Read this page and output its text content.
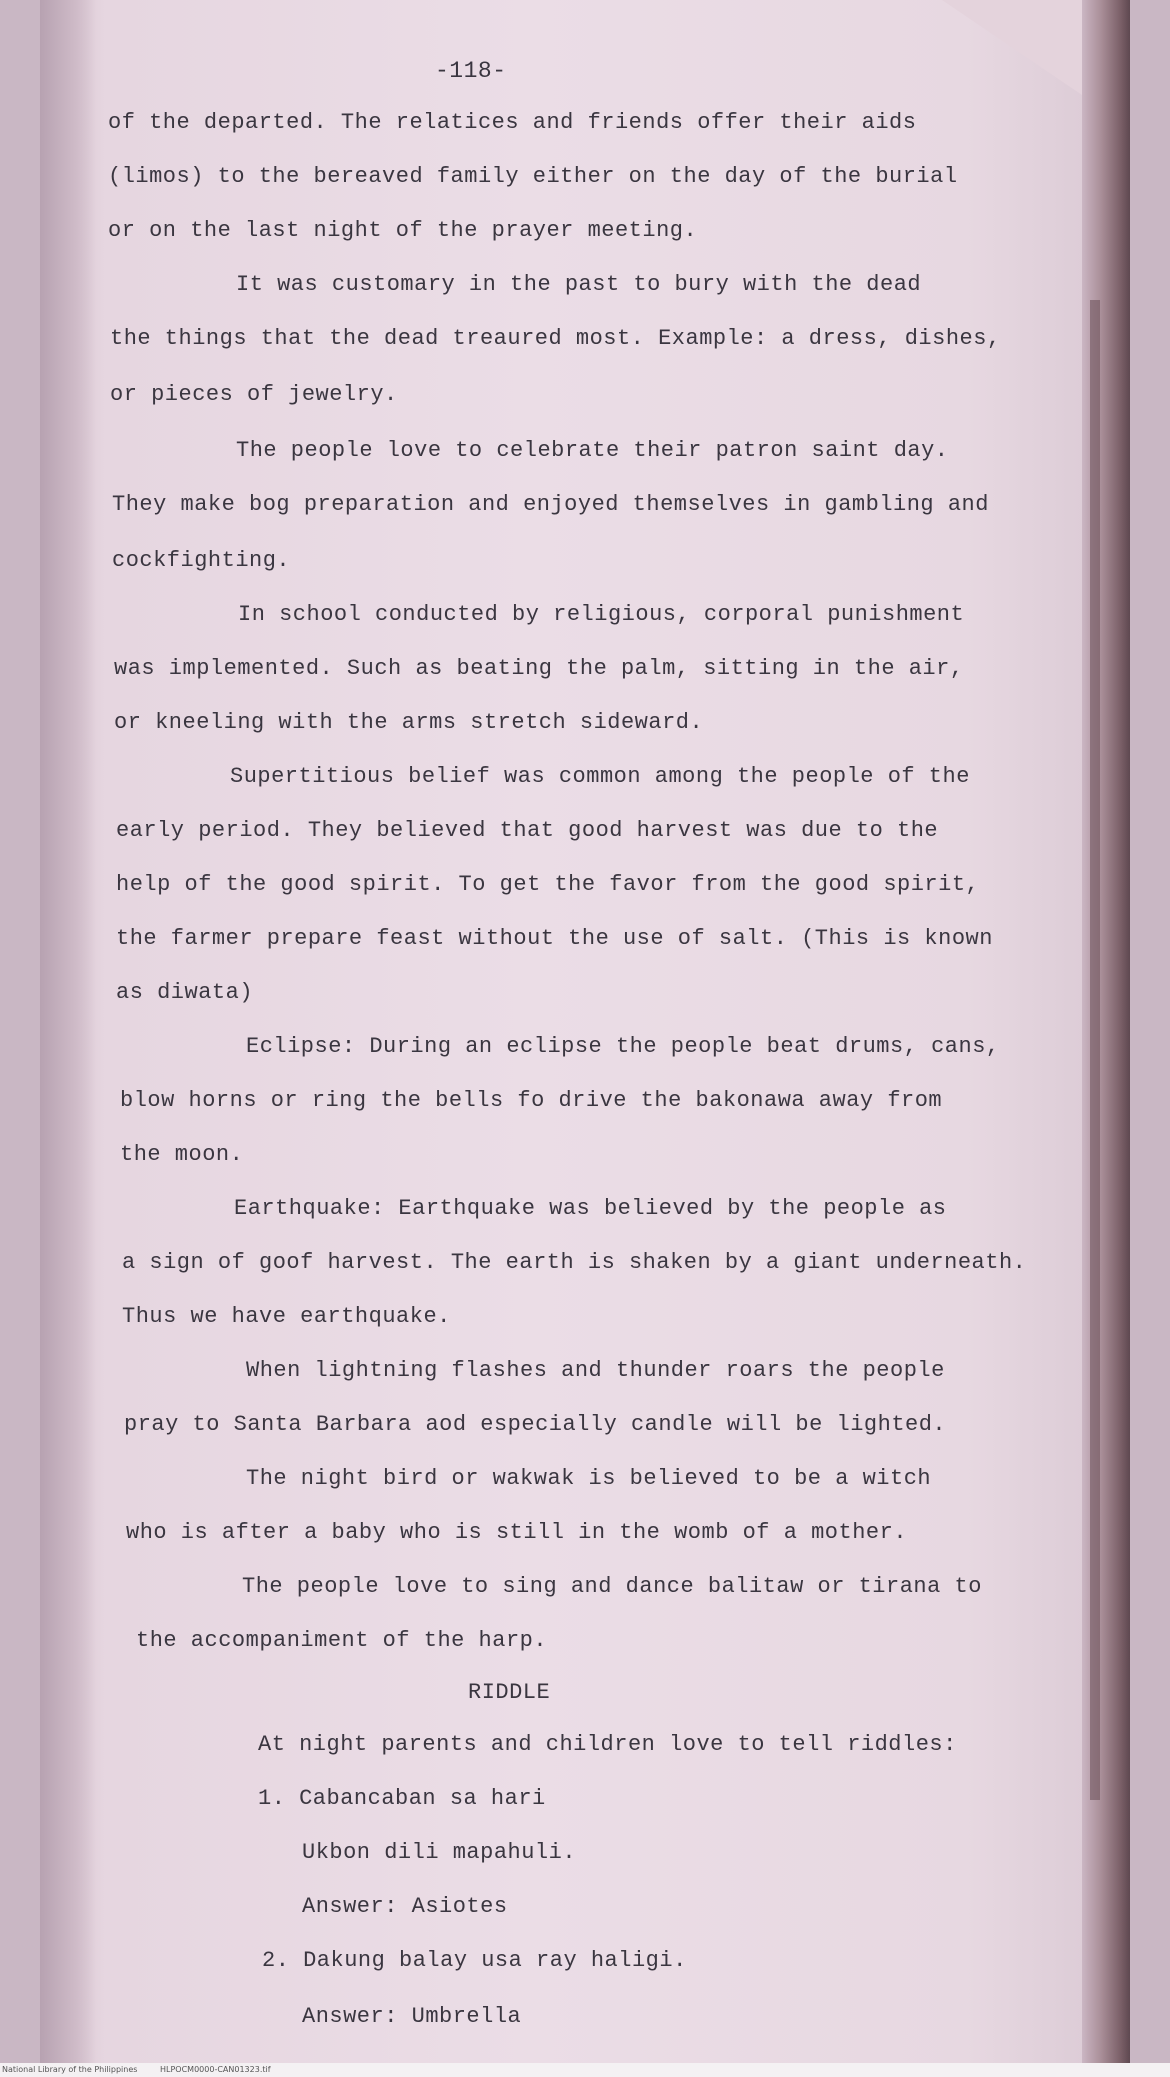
-118-
of the departed. The relatices and friends offer their aids
(limos) to the bereaved family either on the day of the burial
or on the last night of the prayer meeting.
It was customary in the past to bury with the dead
the things that the dead treaured most. Example: a dress, dishes,
or pieces of jewelry.
The people love to celebrate their patron saint day.
They make bog preparation and enjoyed themselves in gambling and
cockfighting.
In school conducted by religious, corporal punishment
was implemented. Such as beating the palm, sitting in the air,
or kneeling with the arms stretch sideward.
Supertitious belief was common among the people of the
early period. They believed that good harvest was due to the
help of the good spirit. To get the favor from the good spirit,
the farmer prepare feast without the use of salt. (This is known
as diwata)
Eclipse: During an eclipse the people beat drums, cans,
blow horns or ring the bells fo drive the bakonawa away from
the moon.
Earthquake: Earthquake was believed by the people as
a sign of goof harvest. The earth is shaken by a giant underneath.
Thus we have earthquake.
When lightning flashes and thunder roars the people
pray to Santa Barbara aod especially candle will be lighted.
The night bird or wakwak is believed to be a witch
who is after a baby who is still in the womb of a mother.
The people love to sing and dance balitaw or tirana to
the accompaniment of the harp.
RIDDLE
At night parents and children love to tell riddles:
1. Cabancaban sa hari
Ukbon dili mapahuli.
Answer: Asiotes
2. Dakung balay usa ray haligi.
Answer: Umbrella
National Library of the Philippines	HLPOCM0000-CAN01323.tif
